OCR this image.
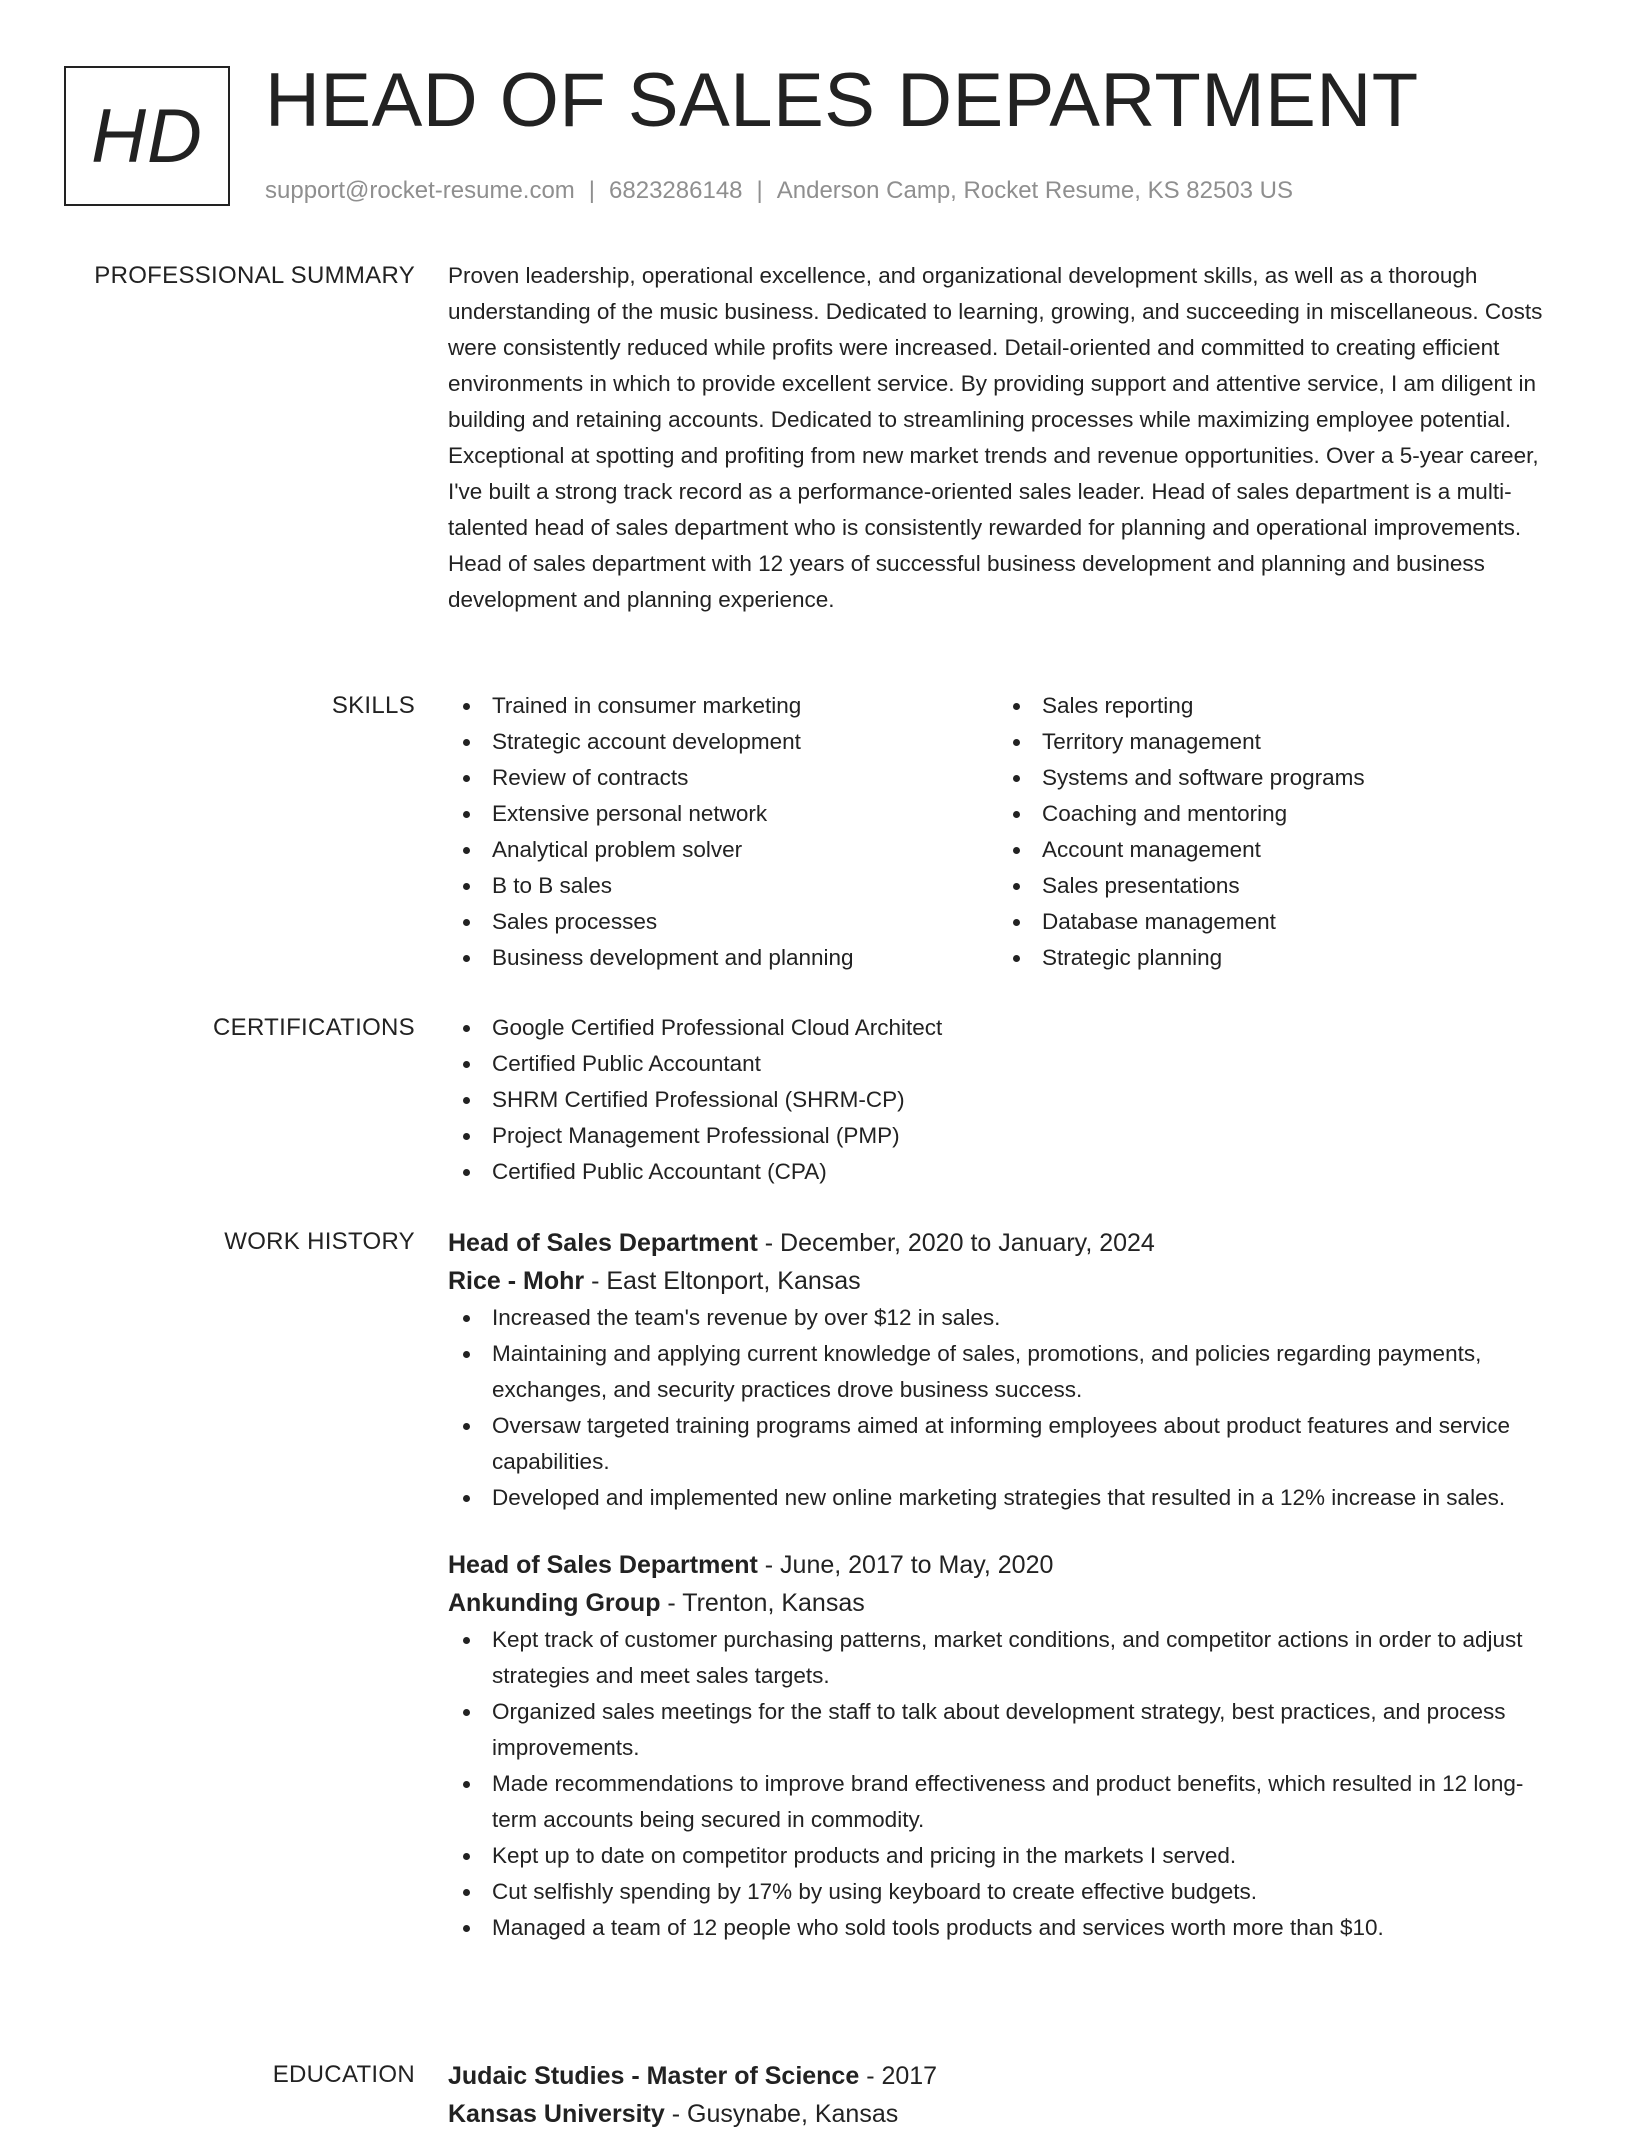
HD HEAD OF SALES DEPARTMENT
support@rocket-resume.com | 6823286148 | Anderson Camp, Rocket Resume, KS 82503 US
PROFESSIONAL SUMMARY Proven leadership, operational excellence, and organizational development skills, as well as a thorough understanding of the music business. Dedicated to learning, growing, and succeeding in miscellaneous. Costs were consistently reduced while profits were increased. Detail-oriented and committed to creating efficient environments in which to provide excellent service. By providing support and attentive service, I am diligent in building and retaining accounts. Dedicated to streamlining processes while maximizing employee potential. Exceptional at spotting and profiting from new market trends and revenue opportunities. Over a 5-year career, I've built a strong track record as a performance-oriented sales leader. Head of sales department is a multi-talented head of sales department who is consistently rewarded for planning and operational improvements. Head of sales department with 12 years of successful business development and planning and business development and planning experience.

SKILLS	Trained in consumer marketing
Strategic account development
Review of contracts
Extensive personal network
Analytical problem solver
B to B sales
Sales processes
Business development and planning
Sales reporting
Territory management
Systems and software programs
Coaching and mentoring
Account management
Sales presentations
Database management
Strategic planning
CERTIFICATIONS	Google Certified Professional Cloud Architect
Certified Public Accountant
SHRM Certified Professional (SHRM-CP)
Project Management Professional (PMP)
Certified Public Accountant (CPA)
WORK HISTORY Head of Sales Department - December, 2020 to January, 2024
Rice - Mohr - East Eltonport, Kansas
Increased the team's revenue by over $12 in sales.
Maintaining and applying current knowledge of sales, promotions, and policies regarding payments, exchanges, and security practices drove business success.
Oversaw targeted training programs aimed at informing employees about product features and service capabilities.
Developed and implemented new online marketing strategies that resulted in a 12% increase in sales.
Head of Sales Department - June, 2017 to May, 2020
Ankunding Group - Trenton, Kansas
Kept track of customer purchasing patterns, market conditions, and competitor actions in order to adjust strategies and meet sales targets.
Organized sales meetings for the staff to talk about development strategy, best practices, and process improvements.
Made recommendations to improve brand effectiveness and product benefits, which resulted in 12 long-term accounts being secured in commodity.
Kept up to date on competitor products and pricing in the markets I served.
Cut selfishly spending by 17% by using keyboard to create effective budgets.
Managed a team of 12 people who sold tools products and services worth more than $10.
EDUCATION Judaic Studies - Master of Science - 2017
Kansas University - Gusynabe, Kansas
